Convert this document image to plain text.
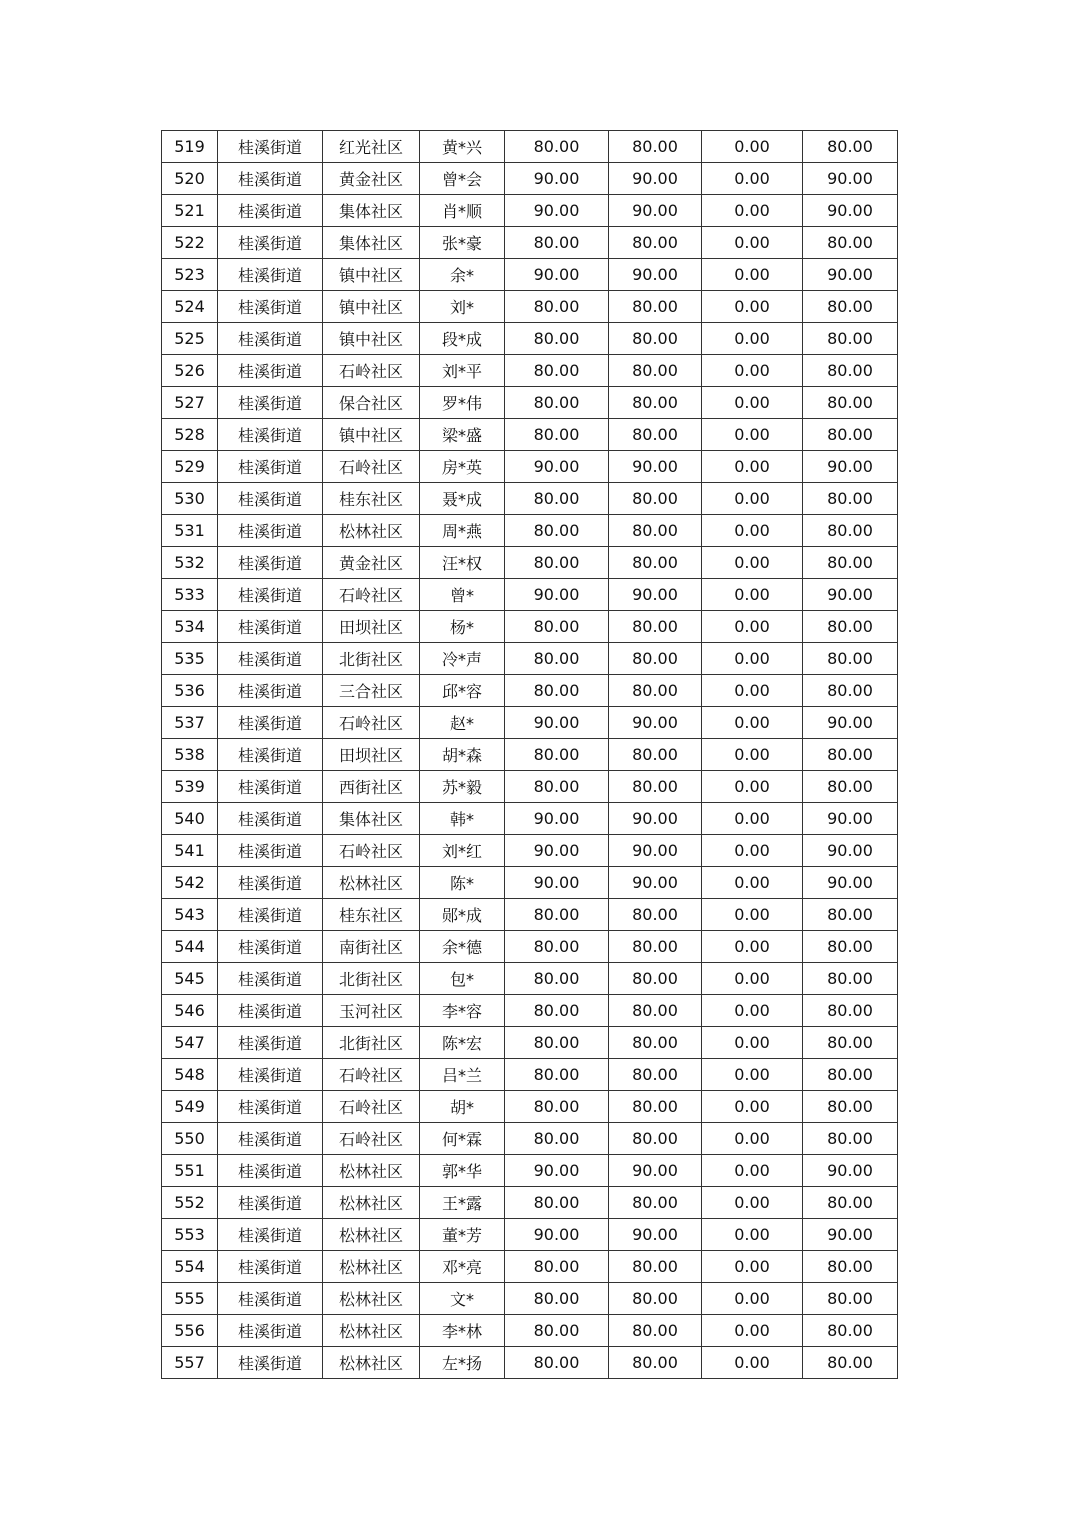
519	桂溪街道	红光社区	黄*兴	80.00	80.00	0.00	80.00
520	桂溪街道	黄金社区	曾*会	90.00	90.00	0.00	90.00
521	桂溪街道	集体社区	肖*顺	90.00	90.00	0.00	90.00
522	桂溪街道	集体社区	张*豪	80.00	80.00	0.00	80.00
523	桂溪街道	镇中社区	余*	90.00	90.00	0.00	90.00
524	桂溪街道	镇中社区	刘*	80.00	80.00	0.00	80.00
525	桂溪街道	镇中社区	段*成	80.00	80.00	0.00	80.00
526	桂溪街道	石岭社区	刘*平	80.00	80.00	0.00	80.00
527	桂溪街道	保合社区	罗*伟	80.00	80.00	0.00	80.00
528	桂溪街道	镇中社区	梁*盛	80.00	80.00	0.00	80.00
529	桂溪街道	石岭社区	房*英	90.00	90.00	0.00	90.00
530	桂溪街道	桂东社区	聂*成	80.00	80.00	0.00	80.00
531	桂溪街道	松林社区	周*燕	80.00	80.00	0.00	80.00
532	桂溪街道	黄金社区	汪*权	80.00	80.00	0.00	80.00
533	桂溪街道	石岭社区	曾*	90.00	90.00	0.00	90.00
534	桂溪街道	田坝社区	杨*	80.00	80.00	0.00	80.00
535	桂溪街道	北街社区	冷*声	80.00	80.00	0.00	80.00
536	桂溪街道	三合社区	邱*容	80.00	80.00	0.00	80.00
537	桂溪街道	石岭社区	赵*	90.00	90.00	0.00	90.00
538	桂溪街道	田坝社区	胡*森	80.00	80.00	0.00	80.00
539	桂溪街道	西街社区	苏*毅	80.00	80.00	0.00	80.00
540	桂溪街道	集体社区	韩*	90.00	90.00	0.00	90.00
541	桂溪街道	石岭社区	刘*红	90.00	90.00	0.00	90.00
542	桂溪街道	松林社区	陈*	90.00	90.00	0.00	90.00
543	桂溪街道	桂东社区	郧*成	80.00	80.00	0.00	80.00
544	桂溪街道	南街社区	余*德	80.00	80.00	0.00	80.00
545	桂溪街道	北街社区	包*	80.00	80.00	0.00	80.00
546	桂溪街道	玉河社区	李*容	80.00	80.00	0.00	80.00
547	桂溪街道	北街社区	陈*宏	80.00	80.00	0.00	80.00
548	桂溪街道	石岭社区	吕*兰	80.00	80.00	0.00	80.00
549	桂溪街道	石岭社区	胡*	80.00	80.00	0.00	80.00
550	桂溪街道	石岭社区	何*霖	80.00	80.00	0.00	80.00
551	桂溪街道	松林社区	郭*华	90.00	90.00	0.00	90.00
552	桂溪街道	松林社区	王*露	80.00	80.00	0.00	80.00
553	桂溪街道	松林社区	董*芳	90.00	90.00	0.00	90.00
554	桂溪街道	松林社区	邓*亮	80.00	80.00	0.00	80.00
555	桂溪街道	松林社区	文*	80.00	80.00	0.00	80.00
556	桂溪街道	松林社区	李*林	80.00	80.00	0.00	80.00
557	桂溪街道	松林社区	左*扬	80.00	80.00	0.00	80.00
